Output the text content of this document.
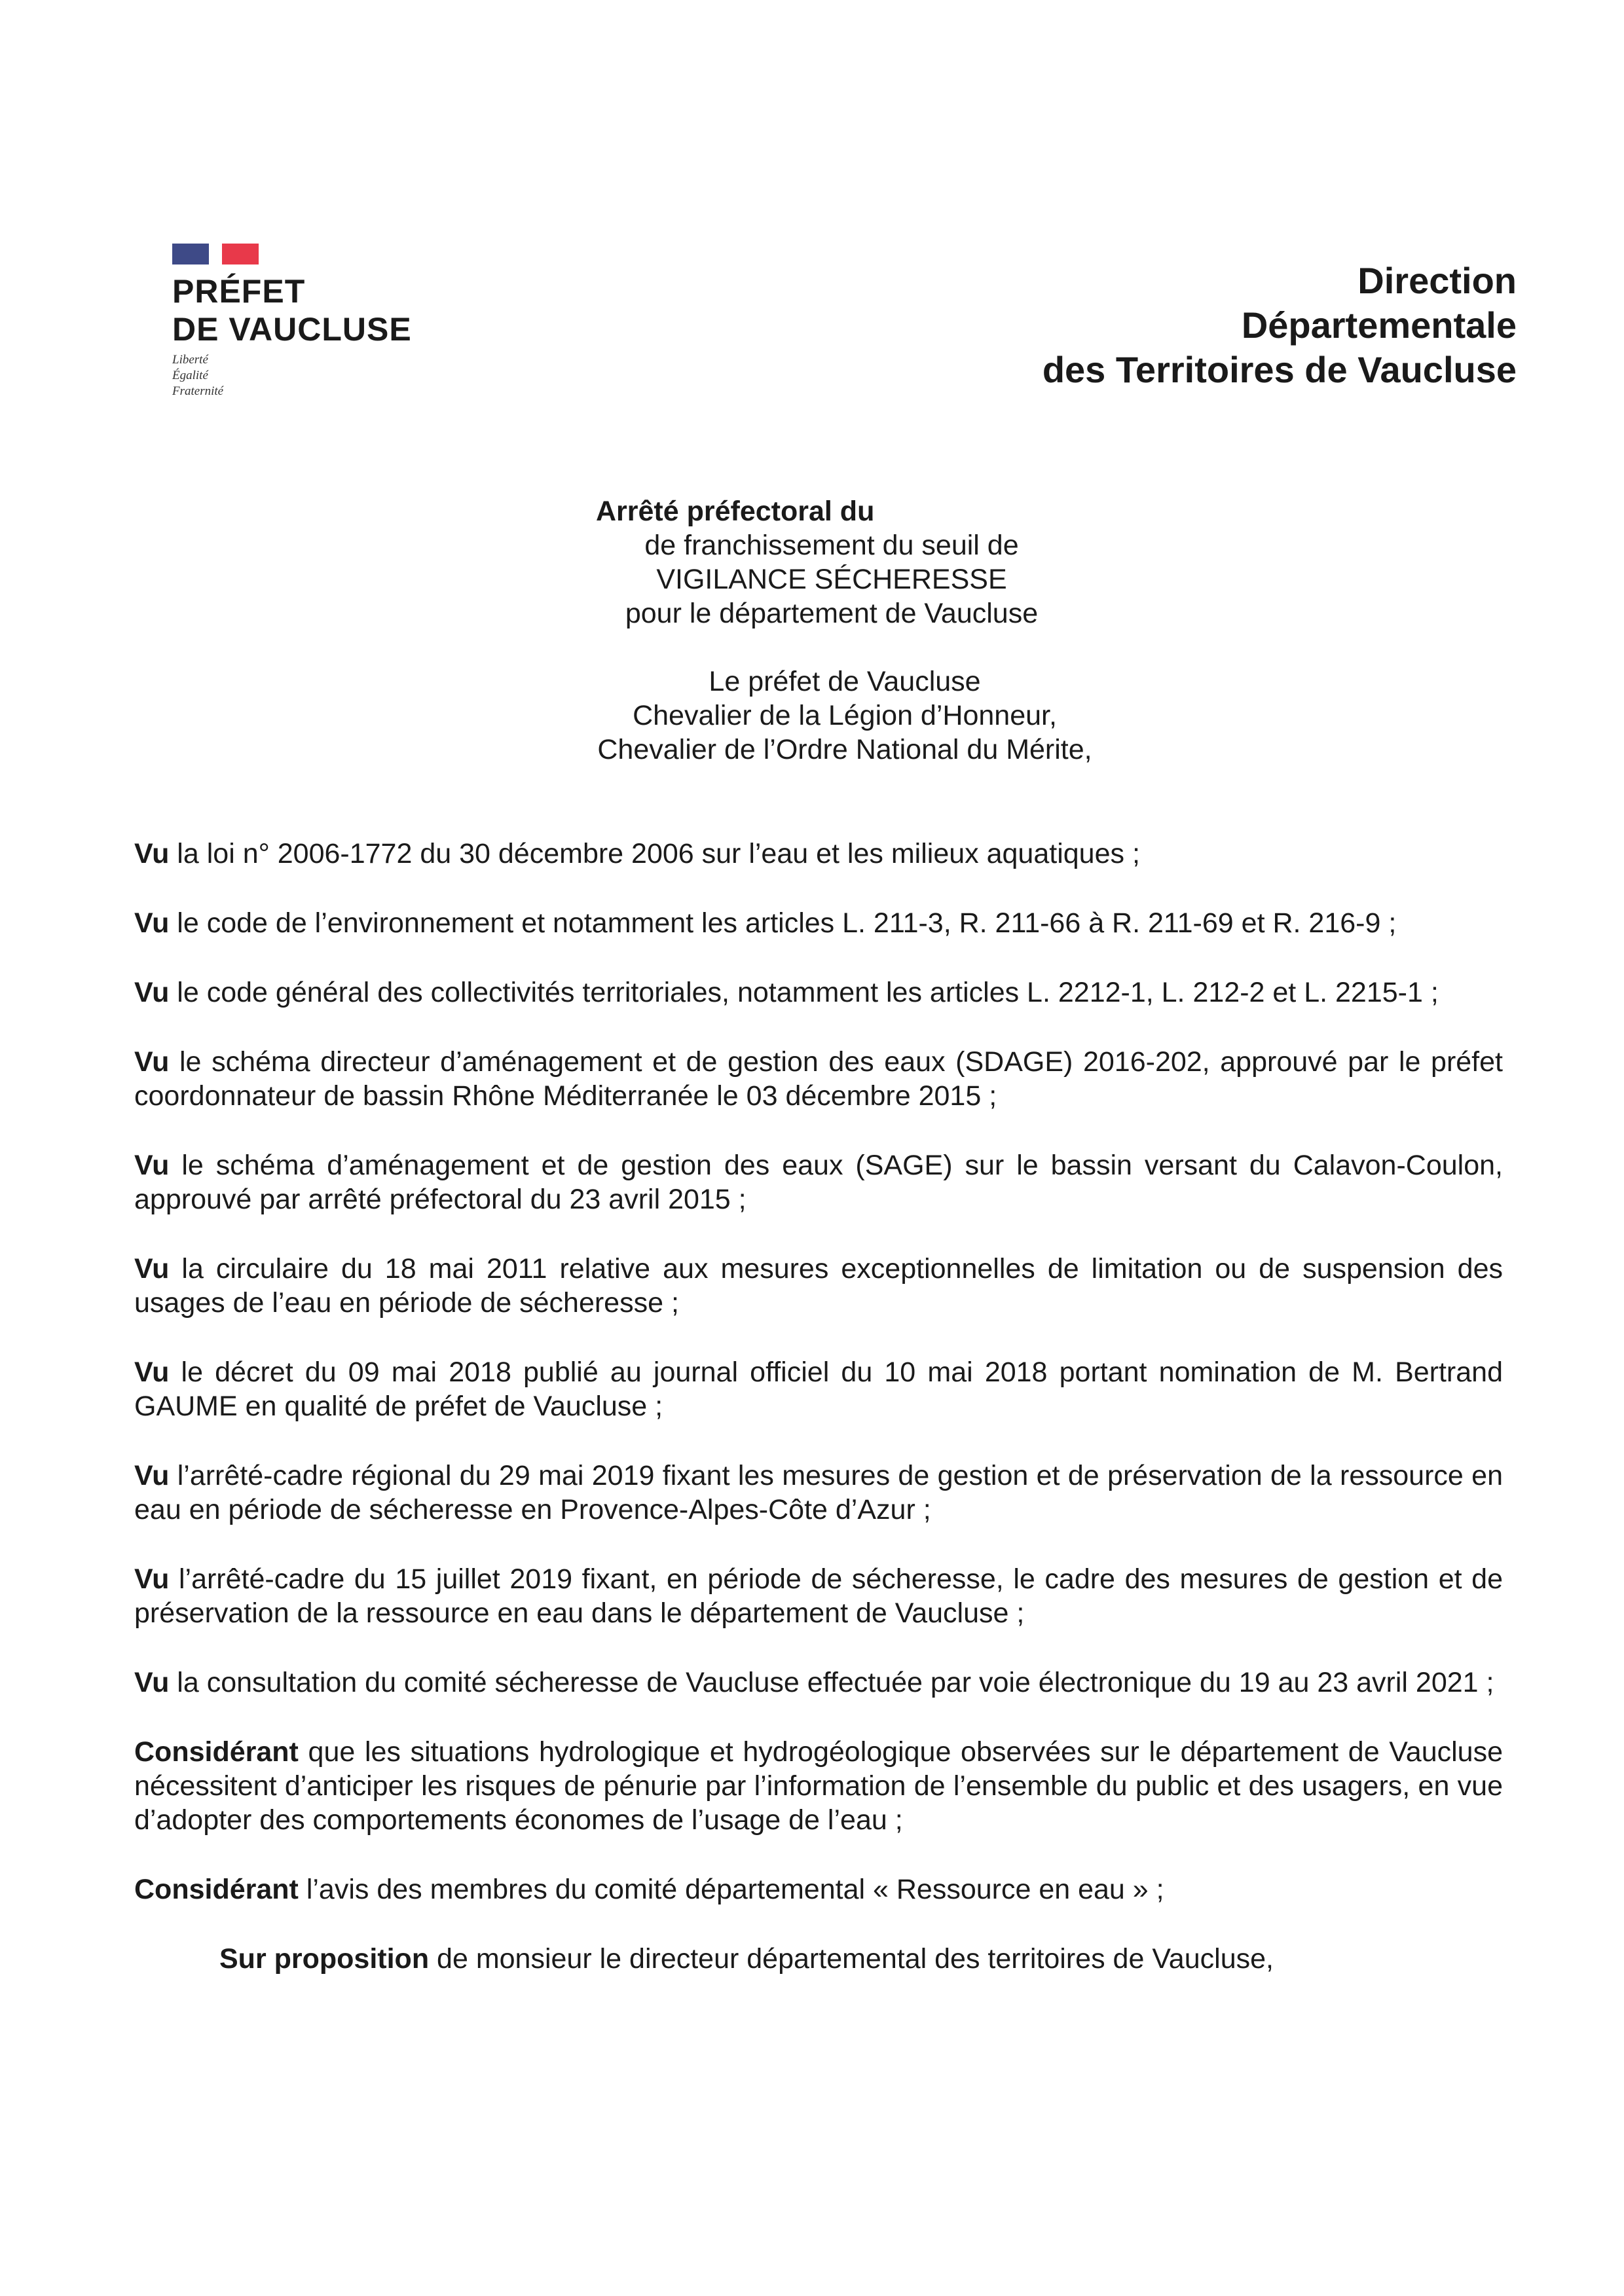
PRÉFET
DE VAUCLUSE
Liberté
Égalité
Fraternité
Direction
Départementale
des Territoires de Vaucluse
Arrêté préfectoral du
de franchissement du seuil de
VIGILANCE SÉCHERESSE
pour le département de Vaucluse
Le préfet de Vaucluse
Chevalier de la Légion d’Honneur,
Chevalier de l’Ordre National du Mérite,

Vu la loi n° 2006-1772 du 30 décembre 2006 sur l’eau et les milieux aquatiques ;

Vu le code de l’environnement et notamment les articles L. 211-3, R. 211-66 à R. 211-69 et R. 216-9 ;

Vu le code général des collectivités territoriales, notamment les articles L. 2212-1, L. 212-2 et L. 2215-1 ;

Vu le schéma directeur d’aménagement et de gestion des eaux (SDAGE) 2016-202, approuvé par le préfet coordonnateur de bassin Rhône Méditerranée le 03 décembre 2015 ;

Vu le schéma d’aménagement et de gestion des eaux (SAGE) sur le bassin versant du Calavon-Coulon, approuvé par arrêté préfectoral du 23 avril 2015 ;

Vu la circulaire du 18 mai 2011 relative aux mesures exceptionnelles de limitation ou de suspension des usages de l’eau en période de sécheresse ;

Vu le décret du 09 mai 2018 publié au journal officiel du 10 mai 2018 portant nomination de M. Bertrand GAUME en qualité de préfet de Vaucluse ;

Vu l’arrêté-cadre régional du 29 mai 2019 fixant les mesures de gestion et de préservation de la ressource en eau en période de sécheresse en Provence-Alpes-Côte d’Azur ;

Vu l’arrêté-cadre du 15 juillet 2019 fixant, en période de sécheresse, le cadre des mesures de gestion et de préservation de la ressource en eau dans le département de Vaucluse ;

Vu la consultation du comité sécheresse de Vaucluse effectuée par voie électronique du 19 au 23 avril 2021 ;

Considérant que les situations hydrologique et hydrogéologique observées sur le département de Vaucluse nécessitent d’anticiper les risques de pénurie par l’information de l’ensemble du public et des usagers, en vue d’adopter des comportements économes de l’usage de l’eau ;

Considérant l’avis des membres du comité départemental « Ressource en eau » ;

Sur proposition de monsieur le directeur départemental des territoires de Vaucluse,
